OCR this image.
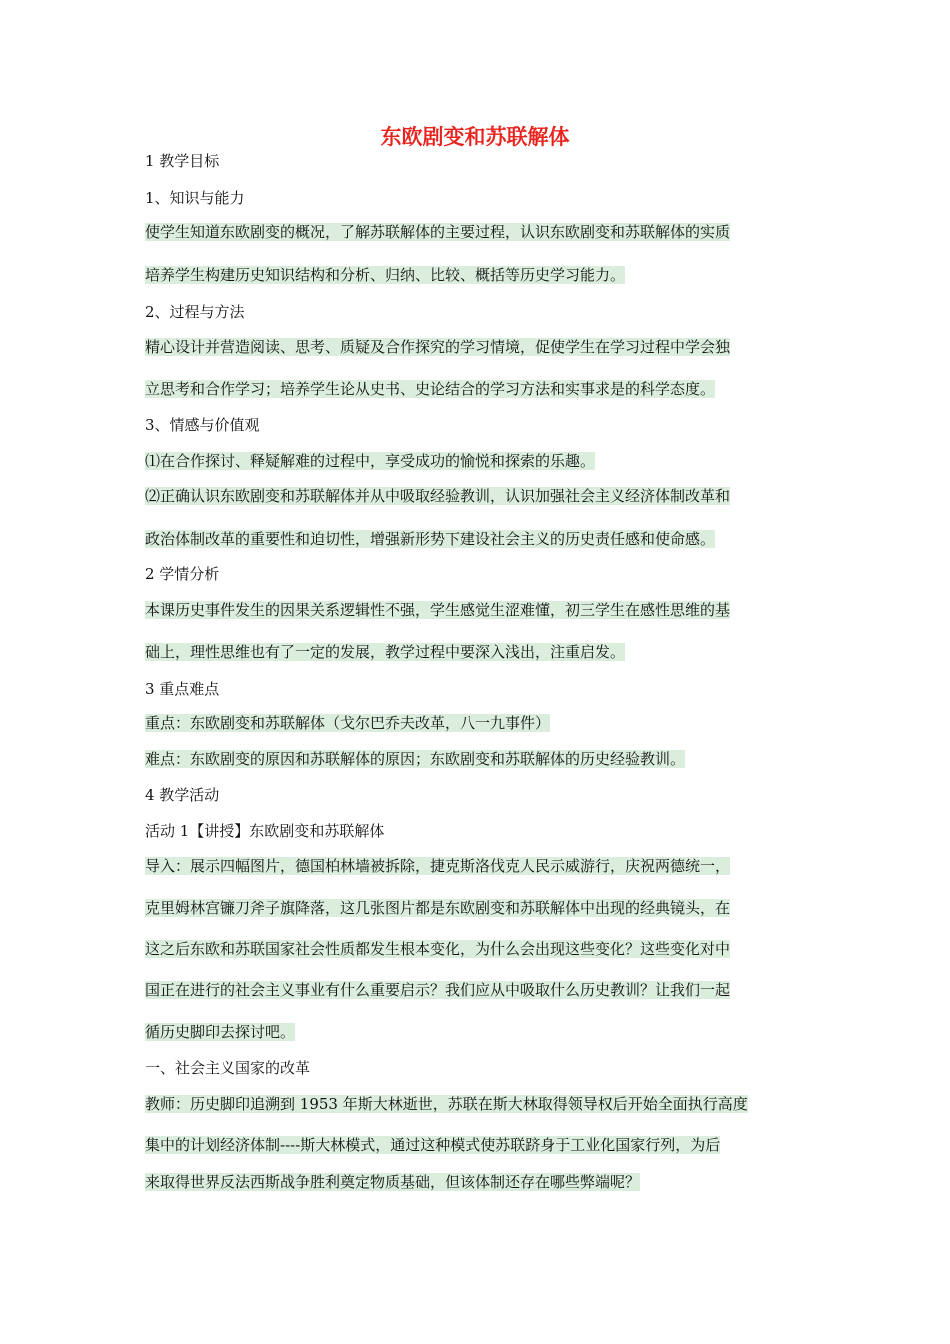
东欧剧变和苏联解体
1 教学目标
1、知识与能力
使学生知道东欧剧变的概况，了解苏联解体的主要过程，认识东欧剧变和苏联解体的实质
培养学生构建历史知识结构和分析、归纳、比较、概括等历史学习能力。
2、过程与方法
精心设计并营造阅读、思考、质疑及合作探究的学习情境，促使学生在学习过程中学会独
立思考和合作学习；培养学生论从史书、史论结合的学习方法和实事求是的科学态度。
3、情感与价值观
⑴在合作探讨、释疑解难的过程中，享受成功的愉悦和探索的乐趣。
⑵正确认识东欧剧变和苏联解体并从中吸取经验教训，认识加强社会主义经济体制改革和
政治体制改革的重要性和迫切性，增强新形势下建设社会主义的历史责任感和使命感。
2 学情分析
本课历史事件发生的因果关系逻辑性不强，学生感觉生涩难懂，初三学生在感性思维的基
础上，理性思维也有了一定的发展，教学过程中要深入浅出，注重启发。
3 重点难点
重点：东欧剧变和苏联解体（戈尔巴乔夫改革，八一九事件）
难点：东欧剧变的原因和苏联解体的原因；东欧剧变和苏联解体的历史经验教训。
4 教学活动
活动 1【讲授】东欧剧变和苏联解体
导入：展示四幅图片，德国柏林墙被拆除，捷克斯洛伐克人民示威游行，庆祝两德统一，
克里姆林宫镰刀斧子旗降落，这几张图片都是东欧剧变和苏联解体中出现的经典镜头，在
这之后东欧和苏联国家社会性质都发生根本变化，为什么会出现这些变化？这些变化对中
国正在进行的社会主义事业有什么重要启示？我们应从中吸取什么历史教训？让我们一起
循历史脚印去探讨吧。
一、社会主义国家的改革
教师：历史脚印追溯到 1953 年斯大林逝世，苏联在斯大林取得领导权后开始全面执行高度
集中的计划经济体制----斯大林模式，通过这种模式使苏联跻身于工业化国家行列，为后
来取得世界反法西斯战争胜利奠定物质基础，但该体制还存在哪些弊端呢？
